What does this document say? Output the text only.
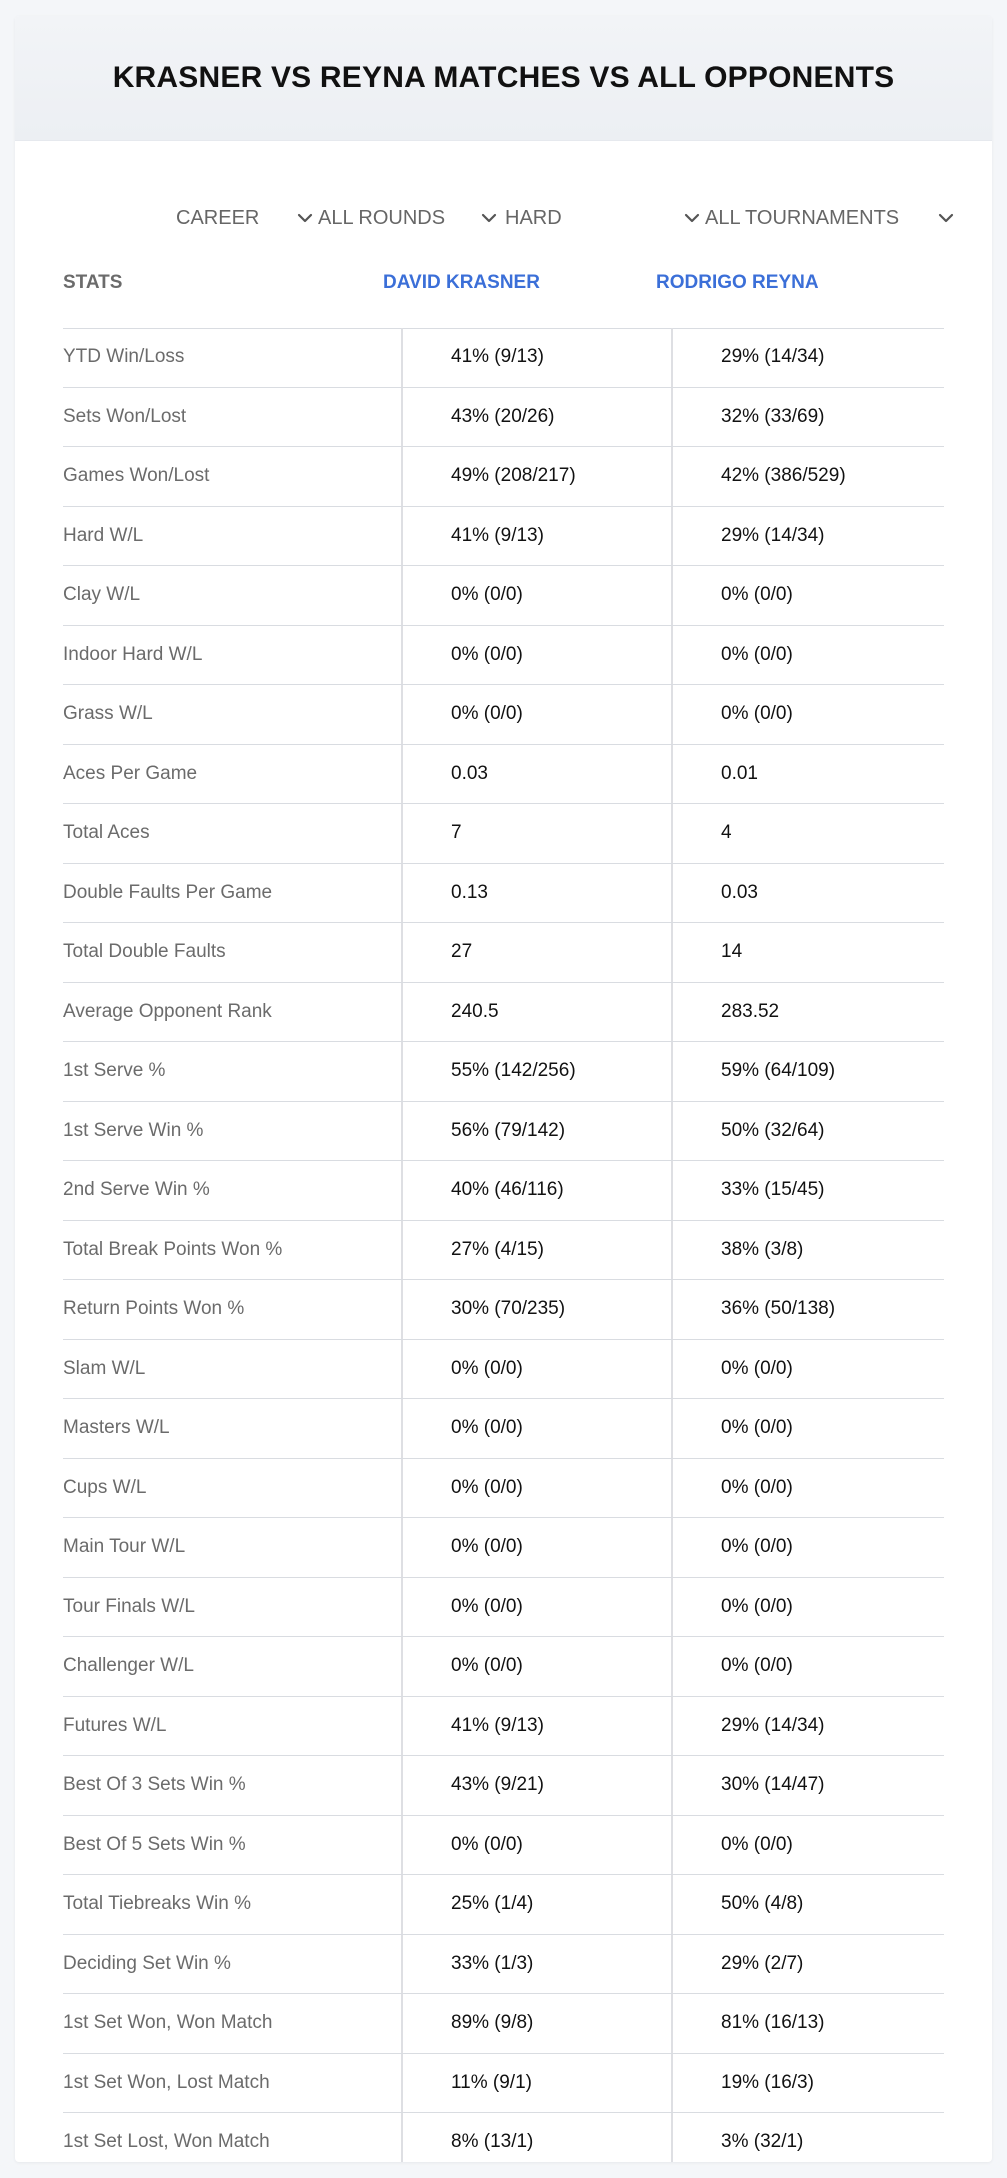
KRASNER VS REYNA MATCHES VS ALL OPPONENTS
CAREER	ALL ROUNDS	HARD	ALL TOURNAMENTS
STATS	DAVID KRASNER	RODRIGO REYNA
YTD Win/Loss	41% (9/13)	29% (14/34)
Sets Won/Lost	43% (20/26)	32% (33/69)
Games Won/Lost	49% (208/217)	42% (386/529)
Hard W/L	41% (9/13)	29% (14/34)
Clay W/L	0% (0/0)	0% (0/0)
Indoor Hard W/L	0% (0/0)	0% (0/0)
Grass W/L	0% (0/0)	0% (0/0)
Aces Per Game	0.03	0.01
Total Aces	7	4
Double Faults Per Game	0.13	0.03
Total Double Faults	27	14
Average Opponent Rank	240.5	283.52
1st Serve %	55% (142/256)	59% (64/109)
1st Serve Win %	56% (79/142)	50% (32/64)
2nd Serve Win %	40% (46/116)	33% (15/45)
Total Break Points Won %	27% (4/15)	38% (3/8)
Return Points Won %	30% (70/235)	36% (50/138)
Slam W/L	0% (0/0)	0% (0/0)
Masters W/L	0% (0/0)	0% (0/0)
Cups W/L	0% (0/0)	0% (0/0)
Main Tour W/L	0% (0/0)	0% (0/0)
Tour Finals W/L	0% (0/0)	0% (0/0)
Challenger W/L	0% (0/0)	0% (0/0)
Futures W/L	41% (9/13)	29% (14/34)
Best Of 3 Sets Win %	43% (9/21)	30% (14/47)
Best Of 5 Sets Win %	0% (0/0)	0% (0/0)
Total Tiebreaks Win %	25% (1/4)	50% (4/8)
Deciding Set Win %	33% (1/3)	29% (2/7)
1st Set Won, Won Match	89% (9/8)	81% (16/13)
1st Set Won, Lost Match	11% (9/1)	19% (16/3)
1st Set Lost, Won Match	8% (13/1)	3% (32/1)
